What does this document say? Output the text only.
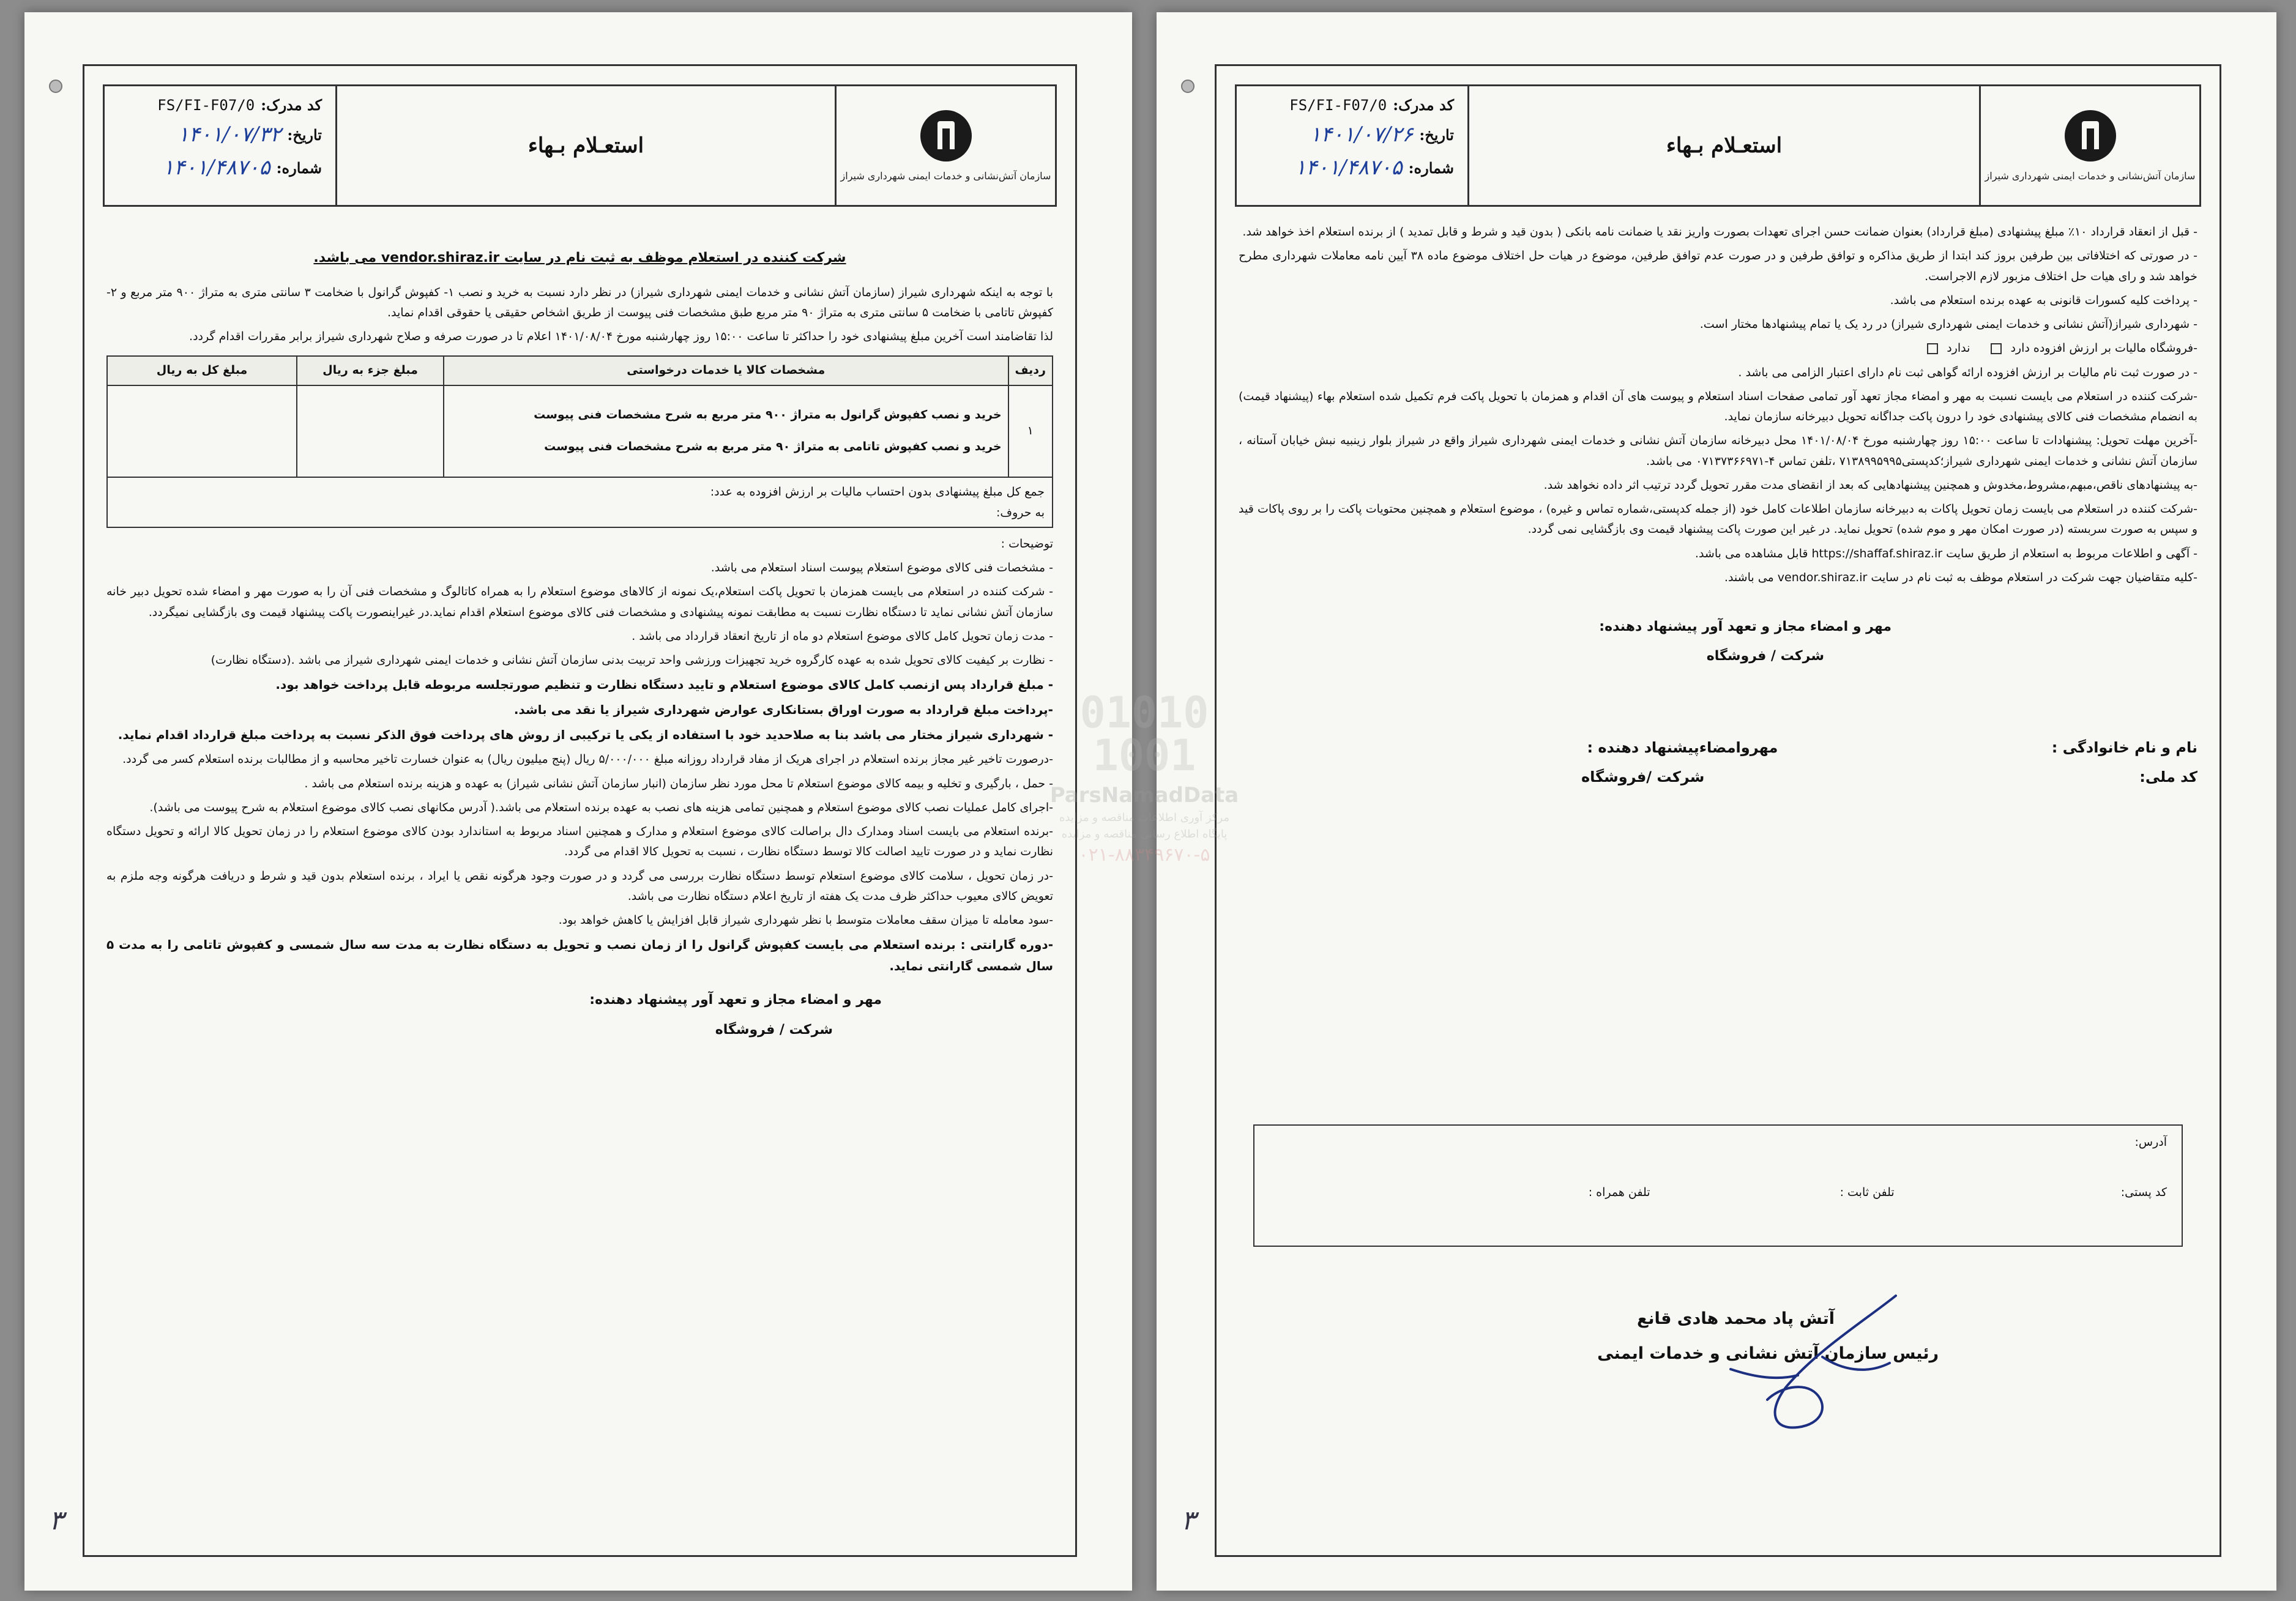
سازمان آتش‌نشانی و خدمات ایمنی شهرداری شیراز
استعـلام بـهاء
کد مدرک:
FS/FI-F07/0
تاریخ:
۱۴۰۱/۰۷/۳۲
شماره:
۱۴۰۱/۴۸۷۰۵

شرکت کننده در استعلام موظف به ثبت نام در سایت vendor.shiraz.ir می باشد.

با توجه به اینکه شهرداری شیراز (سازمان آتش نشانی و خدمات ایمنی شهرداری شیراز) در نظر دارد نسبت به خرید و نصب ۱- کفپوش گرانول با ضخامت ۳ سانتی متری به متراژ ۹۰۰ متر مربع و ۲- کفپوش تاتامی با ضخامت ۵ سانتی متری به متراژ ۹۰ متر مربع طبق مشخصات فنی پیوست از طریق اشخاص حقیقی یا حقوقی اقدام نماید.

لذا تقاضامند است آخرین مبلغ پیشنهادی خود را حداکثر تا ساعت ۱۵:۰۰ روز چهارشنبه مورخ ۱۴۰۱/۰۸/۰۴ اعلام تا در صورت صرفه و صلاح شهرداری شیراز برابر مقررات اقدام گردد.

ردیف	مشخصات کالا یا خدمات درخواستی	مبلغ جزء به ریال	مبلغ کل به ریال
۱	خرید و نصب کفپوش گرانول به متراژ ۹۰۰ متر مربع به شرح مشخصات فنی پیوست
خرید و نصب کفپوش تاتامی به متراژ ۹۰ متر مربع به شرح مشخصات فنی پیوست		

جمع کل مبلغ پیشنهادی بدون احتساب مالیات بر ارزش افزوده به عدد:
به حروف:

توضیحات :

- مشخصات فنی کالای موضوع استعلام پیوست اسناد استعلام می باشد.

- شرکت کننده در استعلام می بایست همزمان با تحویل پاکت استعلام،یک نمونه از کالاهای موضوع استعلام را به همراه کاتالوگ و مشخصات فنی آن را به صورت مهر و امضاء شده تحویل دبیر خانه سازمان آتش نشانی نماید تا دستگاه نظارت نسبت به مطابقت نمونه پیشنهادی و مشخصات فنی کالای موضوع استعلام اقدام نماید.در غیراینصورت پاکت پیشنهاد قیمت وی بازگشایی نمیگردد.

- مدت زمان تحویل کامل کالای موضوع استعلام دو ماه از تاریخ انعقاد قرارداد می باشد .

- نظارت بر کیفیت کالای تحویل شده به عهده کارگروه خرید تجهیزات ورزشی واحد تربیت بدنی سازمان آتش نشانی و خدمات ایمنی شهرداری شیراز می باشد .(دستگاه نظارت)

- مبلغ قرارداد پس ازنصب کامل کالای موضوع استعلام و تایید دستگاه نظارت و تنظیم صورتجلسه مربوطه قابل پرداخت خواهد بود.

-پرداخت مبلغ قرارداد به صورت اوراق بستانکاری عوارض شهرداری شیراز یا نقد می باشد.

- شهرداری شیراز مختار می باشد بنا به صلاحدید خود با استفاده از یکی یا ترکیبی از روش های پرداخت فوق الذکر نسبت به پرداخت مبلغ قرارداد اقدام نماید.

-درصورت تاخیر غیر مجاز برنده استعلام در اجرای هریک از مفاد قرارداد روزانه مبلغ ۵/۰۰۰/۰۰۰ ریال (پنج میلیون ریال) به عنوان خسارت تاخیر محاسبه و از مطالبات برنده استعلام کسر می گردد.

- حمل ، بارگیری و تخلیه و بیمه کالای موضوع استعلام تا محل مورد نظر سازمان (انبار سازمان آتش نشانی شیراز) به عهده و هزینه برنده استعلام می باشد .

-اجرای کامل عملیات نصب کالای موضوع استعلام و همچنین تمامی هزینه های نصب به عهده برنده استعلام می باشد.( آدرس مکانهای نصب کالای موضوع استعلام به شرح پیوست می باشد).

-برنده استعلام می بایست اسناد ومدارک دال براصالت کالای موضوع استعلام و مدارک و همچنین اسناد مربوط به استاندارد بودن کالای موضوع استعلام را در زمان تحویل کالا ارائه و تحویل دستگاه نظارت نماید و در صورت تایید اصالت کالا توسط دستگاه نظارت ، نسبت به تحویل کالا اقدام می گردد.

-در زمان تحویل ، سلامت کالای موضوع استعلام توسط دستگاه نظارت بررسی می گردد و در صورت وجود هرگونه نقص یا ایراد ، برنده استعلام بدون قید و شرط و دریافت هرگونه وجه ملزم به تعویض کالای معیوب حداکثر ظرف مدت یک هفته از تاریخ اعلام دستگاه نظارت می باشد.

-سود معامله تا میزان سقف معاملات متوسط با نظر شهرداری شیراز قابل افزایش یا کاهش خواهد بود.

-دوره گارانتی : برنده استعلام می بایست کفپوش گرانول را از زمان نصب و تحویل به دستگاه نظارت به مدت سه سال شمسی و کفپوش تاتامی را به مدت ۵ سال شمسی گارانتی نماید.

مهر و امضاء مجاز و تعهد آور پیشنهاد دهنده:
شرکت / فروشگاه
۳
سازمان آتش‌نشانی و خدمات ایمنی شهرداری شیراز
استعـلام بـهاء
کد مدرک:
FS/FI-F07/0
تاریخ:
۱۴۰۱/۰۷/۲۶
شماره:
۱۴۰۱/۴۸۷۰۵

- قبل از انعقاد قرارداد ۱۰٪ مبلغ پیشنهادی (مبلغ قرارداد) بعنوان ضمانت حسن اجرای تعهدات بصورت واریز نقد یا ضمانت نامه بانکی ( بدون قید و شرط و قابل تمدید ) از برنده استعلام اخذ خواهد شد.

- در صورتی که اختلافاتی بین طرفین بروز کند ابتدا از طریق مذاکره و توافق طرفین و در صورت عدم توافق طرفین، موضوع در هیات حل اختلاف موضوع ماده ۳۸ آیین نامه معاملات شهرداری مطرح خواهد شد و رای هیات حل اختلاف مزبور لازم الاجراست.

- پرداخت کلیه کسورات قانونی به عهده برنده استعلام می باشد.

- شهرداری شیراز(آتش نشانی و خدمات ایمنی شهرداری شیراز) در رد یک یا تمام پیشنهادها مختار است.

-فروشگاه مالیات بر ارزش افزوده دارد  ندارد

- در صورت ثبت نام مالیات بر ارزش افزوده ارائه گواهی ثبت نام دارای اعتبار الزامی می باشد .

-شرکت کننده در استعلام می بایست نسبت به مهر و امضاء مجاز تعهد آور تمامی صفحات اسناد استعلام و پیوست های آن اقدام و همزمان با تحویل پاکت فرم تکمیل شده استعلام بهاء (پیشنهاد قیمت) به انضمام مشخصات فنی کالای پیشنهادی خود را درون پاکت جداگانه تحویل دبیرخانه سازمان نماید.

-آخرین مهلت تحویل: پیشنهادات تا ساعت ۱۵:۰۰ روز چهارشنبه مورخ ۱۴۰۱/۰۸/۰۴ محل دبیرخانه سازمان آتش نشانی و خدمات ایمنی شهرداری شیراز واقع در شیراز بلوار زینبیه نبش خیابان آستانه ، سازمان آتش نشانی و خدمات ایمنی شهرداری شیراز؛کدپستی۷۱۳۸۹۹۵۹۹۵ ،تلفن تماس ۴-۰۷۱۳۷۳۶۶۹۷۱ می باشد.

-به پیشنهادهای ناقص،مبهم،مشروط،مخدوش و همچنین پیشنهادهایی که بعد از انقضای مدت مقرر تحویل گردد ترتیب اثر داده نخواهد شد.

-شرکت کننده در استعلام می بایست زمان تحویل پاکات به دبیرخانه سازمان اطلاعات کامل خود (از جمله کدپستی،شماره تماس و غیره) ، موضوع استعلام و همچنین محتویات پاکت را بر روی پاکات قید و سپس به صورت سربسته (در صورت امکان مهر و موم شده) تحویل نماید. در غیر این صورت پاکت پیشنهاد قیمت وی بازگشایی نمی گردد.

- آگهی و اطلاعات مربوط به استعلام از طریق سایت https://shaffaf.shiraz.ir قابل مشاهده می باشد.

-کلیه متقاضیان جهت شرکت در استعلام موظف به ثبت نام در سایت vendor.shiraz.ir می باشند.

مهر و امضاء مجاز و تعهد آور پیشنهاد دهنده:
شرکت / فروشگاه
نام و نام خانوادگی :
کد ملی:
مهروامضاءپیشنهاد دهنده :
شرکت /فروشگاه
آدرس:
کد پستی:
تلفن ثابت :
تلفن همراه :
آتش پاد محمد هادی قانع
رئیس سازمان آتش نشانی و خدمات ایمنی
۳
01010 1001
ParsNamadData
مرکز آوری اطلاعات مناقصه و مزایده
پایگاه اطلاع رسانی مناقصه و مزایده
۰۲۱-۸۸۳۴۹۶۷۰-۵
